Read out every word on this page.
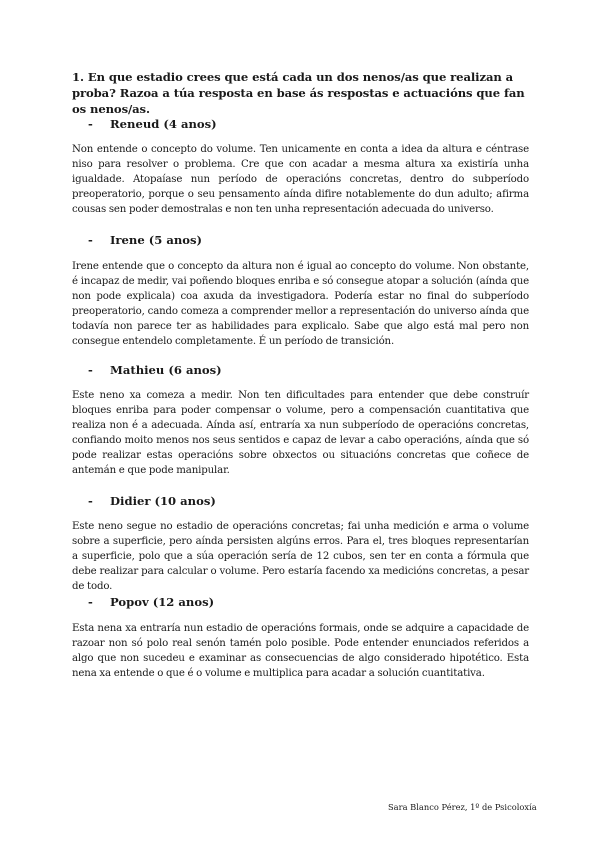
1. En que estadio crees que está cada un dos nenos/as que realizan a proba? Razoa a túa resposta en base ás respostas e actuacións que fan os nenos/as.
- Reneud (4 anos)
Non entende o concepto do volume. Ten unicamente en conta a idea da altura e céntrase niso para resolver o problema. Cre que con acadar a mesma altura xa existiría unha igualdade. Atopaíase nun período de operacións concretas, dentro do subperíodo preoperatorio, porque o seu pensamento aínda difire notablemente do dun adulto; afirma cousas sen poder demostralas e non ten unha representación adecuada do universo.
- Irene (5 anos)
Irene entende que o concepto da altura non é igual ao concepto do volume. Non obstante, é incapaz de medir, vai poñendo bloques enriba e só consegue atopar a solución (aínda que non pode explicala) coa axuda da investigadora. Podería estar no final do subperíodo preoperatorio, cando comeza a comprender mellor a representación do universo aínda que todavía non parece ter as habilidades para explicalo. Sabe que algo está mal pero non consegue entendelo completamente. É un período de transición.
- Mathieu (6 anos)
Este neno xa comeza a medir. Non ten dificultades para entender que debe construír bloques enriba para poder compensar o volume, pero a compensación cuantitativa que realiza non é a adecuada. Aínda así, entraría xa nun subperíodo de operacións concretas, confiando moito menos nos seus sentidos e capaz de levar a cabo operacións, aínda que só pode realizar estas operacións sobre obxectos ou situacións concretas que coñece de antemán e que pode manipular.
- Didier (10 anos)
Este neno segue no estadio de operacións concretas; fai unha medición e arma o volume sobre a superficie, pero aínda persisten algúns erros. Para el, tres bloques representarían a superficie, polo que a súa operación sería de 12 cubos, sen ter en conta a fórmula que debe realizar para calcular o volume. Pero estaría facendo xa medicións concretas, a pesar de todo.
- Popov (12 anos)
Esta nena xa entraría nun estadio de operacións formais, onde se adquire a capacidade de razoar non só polo real senón tamén polo posible. Pode entender enunciados referidos a algo que non sucedeu e examinar as consecuencias de algo considerado hipotético. Esta nena xa entende o que é o volume e multiplica para acadar a solución cuantitativa.
Sara Blanco Pérez, 1º de Psicoloxía
